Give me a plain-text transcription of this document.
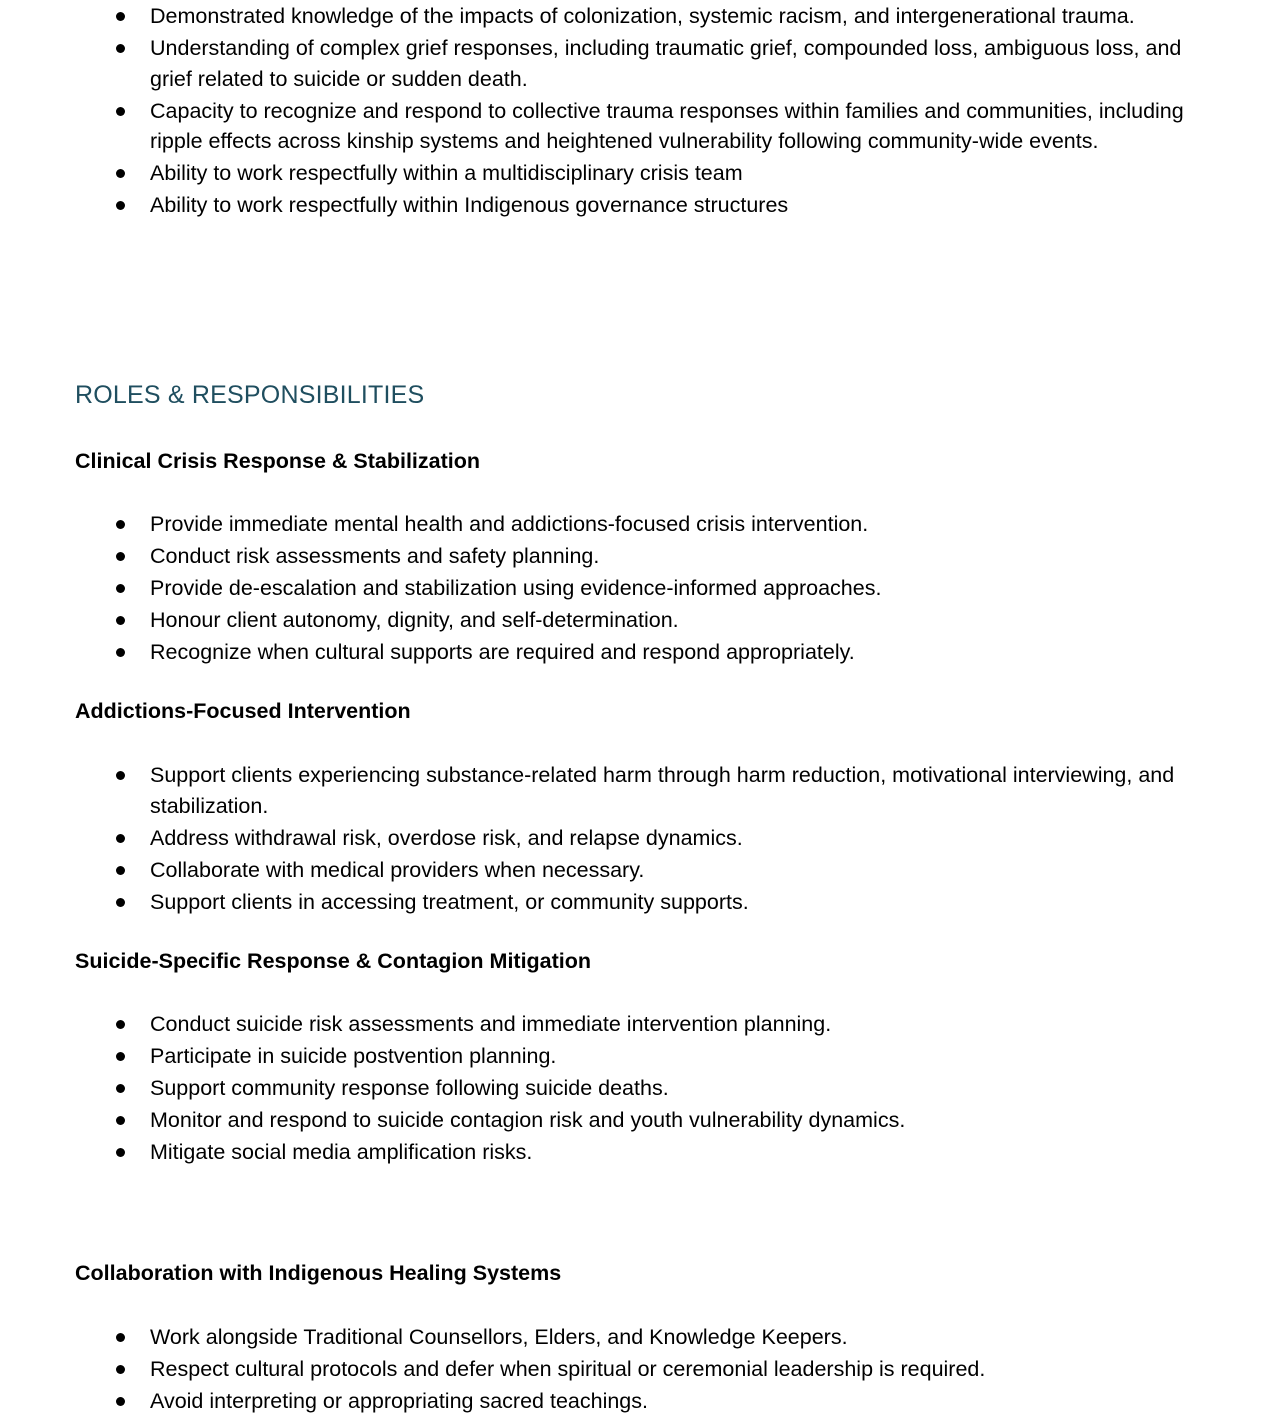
Demonstrated knowledge of the impacts of colonization, systemic racism, and intergenerational trauma.
Understanding of complex grief responses, including traumatic grief, compounded loss, ambiguous loss, and grief related to suicide or sudden death.
Capacity to recognize and respond to collective trauma responses within families and communities, including ripple effects across kinship systems and heightened vulnerability following community-wide events.
Ability to work respectfully within a multidisciplinary crisis team
Ability to work respectfully within Indigenous governance structures
ROLES & RESPONSIBILITIES
Clinical Crisis Response & Stabilization
Provide immediate mental health and addictions-focused crisis intervention.
Conduct risk assessments and safety planning.
Provide de-escalation and stabilization using evidence-informed approaches.
Honour client autonomy, dignity, and self-determination.
Recognize when cultural supports are required and respond appropriately.
Addictions-Focused Intervention
Support clients experiencing substance-related harm through harm reduction, motivational interviewing, and stabilization.
Address withdrawal risk, overdose risk, and relapse dynamics.
Collaborate with medical providers when necessary.
Support clients in accessing treatment, or community supports.
Suicide-Specific Response & Contagion Mitigation
Conduct suicide risk assessments and immediate intervention planning.
Participate in suicide postvention planning.
Support community response following suicide deaths.
Monitor and respond to suicide contagion risk and youth vulnerability dynamics.
Mitigate social media amplification risks.
Collaboration with Indigenous Healing Systems
Work alongside Traditional Counsellors, Elders, and Knowledge Keepers.
Respect cultural protocols and defer when spiritual or ceremonial leadership is required.
Avoid interpreting or appropriating sacred teachings.
